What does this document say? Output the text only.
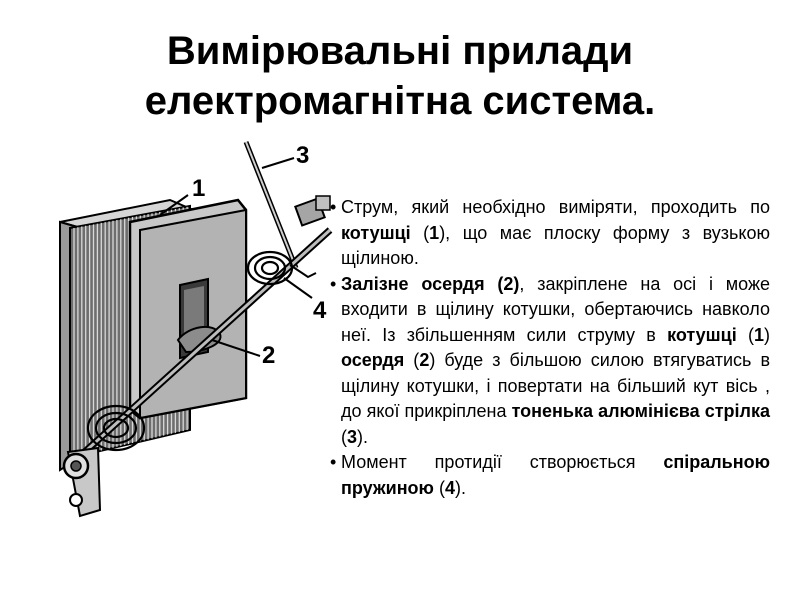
Вимірювальні прилади
електромагнітна система.
1
2
3
4

• Струм, який необхідно виміряти, проходить по котушці (1), що має плоску форму з вузькою щілиною.

• Залізне осердя (2), закріплене на осі і може входити в щілину котушки, обертаючись навколо неї. Із збільшенням сили струму в котушці (1) осердя (2) буде з більшою силою втягуватись в щілину котушки, і повертати на більший кут вісь , до якої прикріплена тоненька алюмінієва стрілка (3).

• Момент протидії створюється спіральною пружиною (4).
